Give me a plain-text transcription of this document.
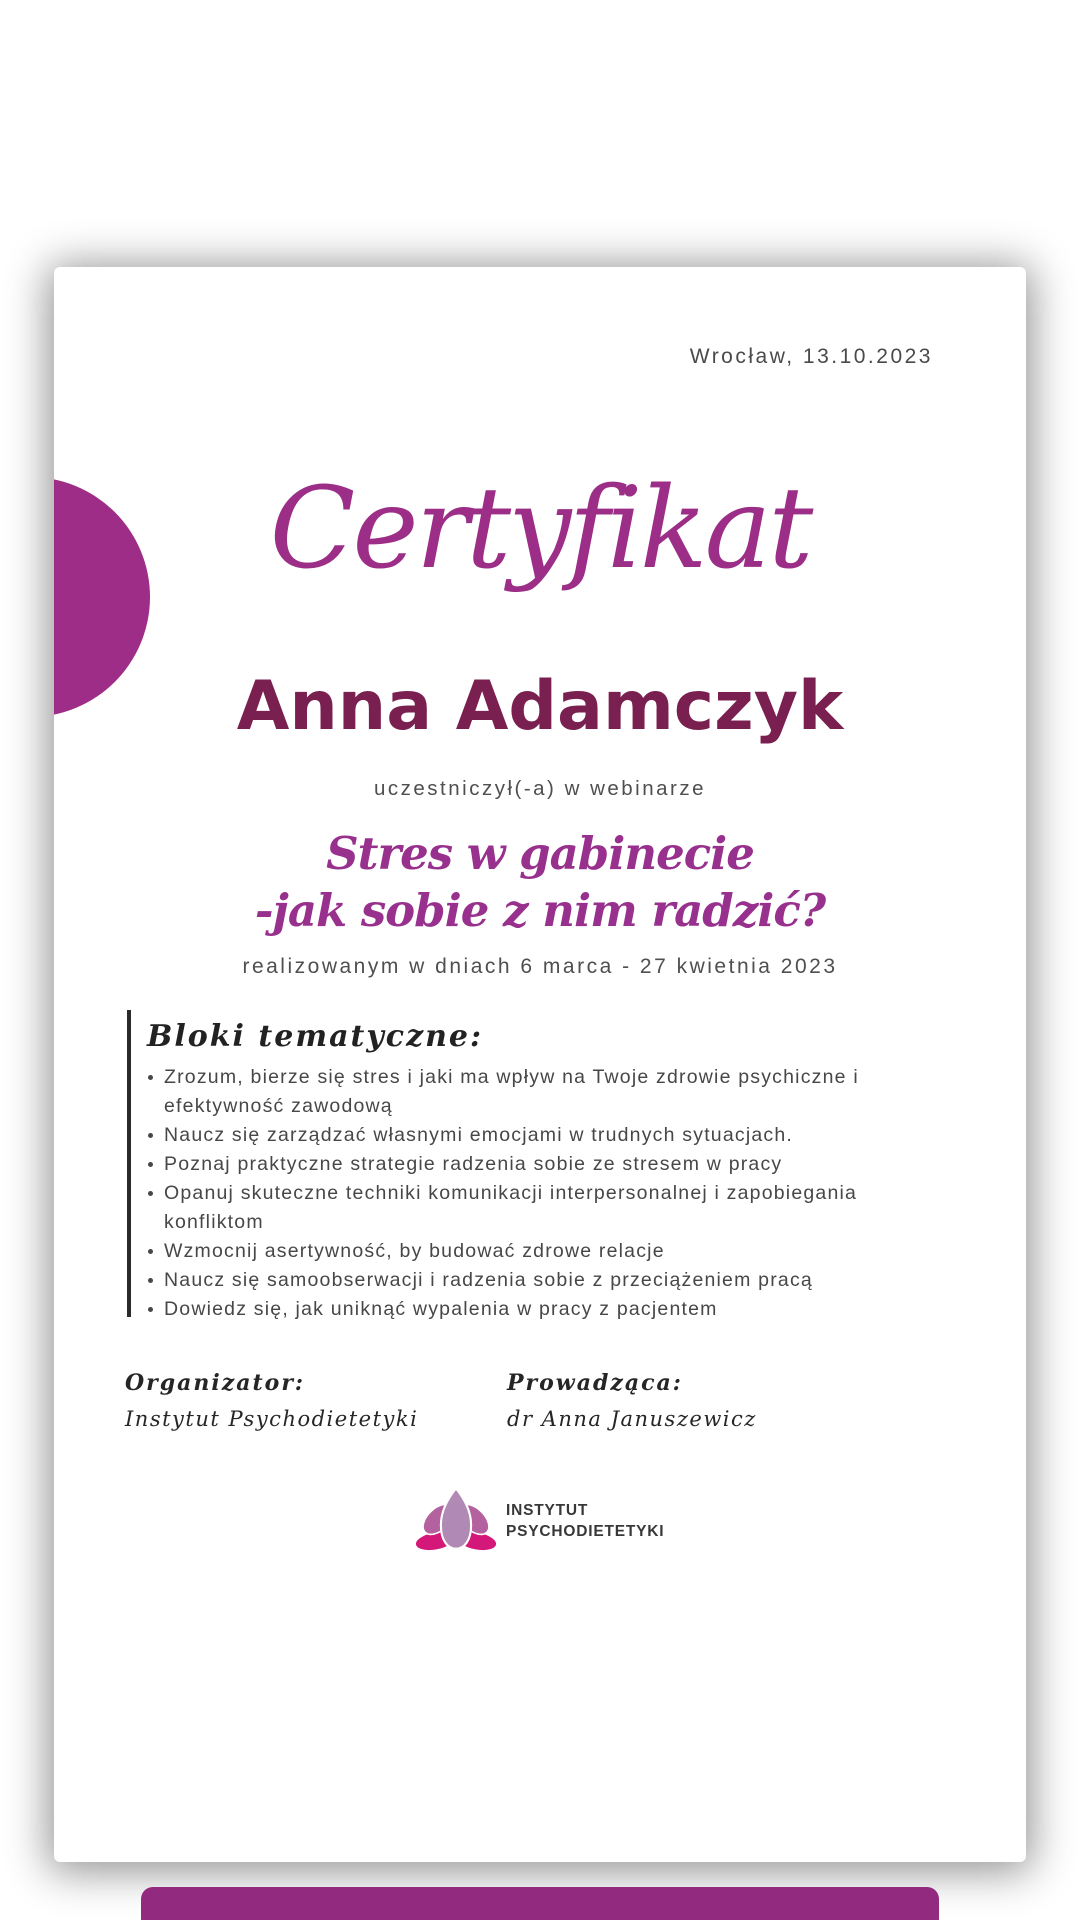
Wrocław, 13.10.2023
Certyfikat
Anna Adamczyk
uczestniczył(-a) w webinarze
Stres w gabinecie
-jak sobie z nim radzić?
realizowanym w dniach 6 marca - 27 kwietnia 2023
Bloki tematyczne:
Zrozum, bierze się stres i jaki ma wpływ na Twoje zdrowie psychiczne i efektywność zawodową
Naucz się zarządzać własnymi emocjami w trudnych sytuacjach.
Poznaj praktyczne strategie radzenia sobie ze stresem w pracy
Opanuj skuteczne techniki komunikacji interpersonalnej i zapobiegania konfliktom
Wzmocnij asertywność, by budować zdrowe relacje
Naucz się samoobserwacji i radzenia sobie z przeciążeniem pracą
Dowiedz się, jak uniknąć wypalenia w pracy z pacjentem
Organizator:
Instytut Psychodietetyki
Prowadząca:
dr Anna Januszewicz
INSTYTUT
PSYCHODIETETYKI
